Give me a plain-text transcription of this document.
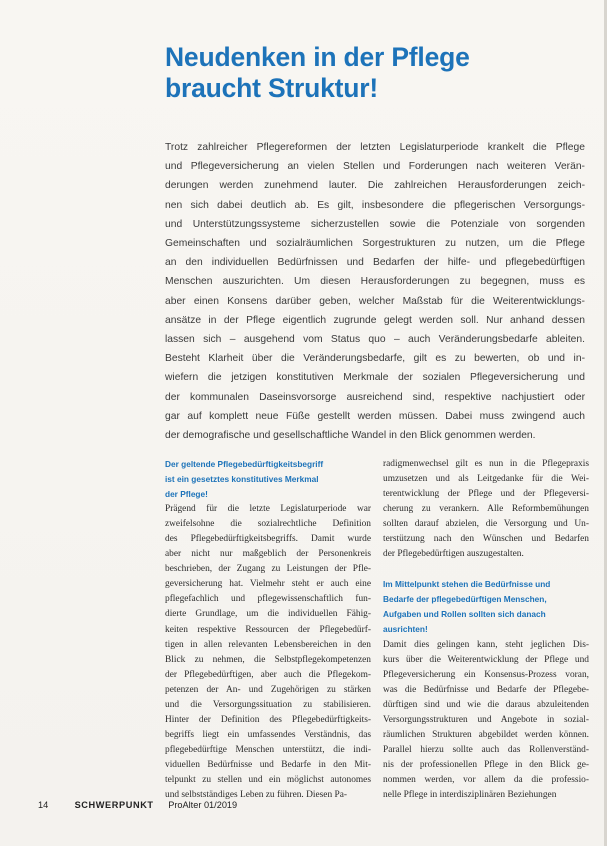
Neudenken in der Pflege
braucht Struktur!
Trotz zahlreicher Pflegereformen der letzten Legislaturperiode krankelt die Pflege
und Pflegeversicherung an vielen Stellen und Forderungen nach weiteren Verän-
derungen werden zunehmend lauter. Die zahlreichen Herausforderungen zeich-
nen sich dabei deutlich ab. Es gilt, insbesondere die pflegerischen Versorgungs-
und Unterstützungssysteme sicherzustellen sowie die Potenziale von sorgenden
Gemeinschaften und sozialräumlichen Sorgestrukturen zu nutzen, um die Pflege
an den individuellen Bedürfnissen und Bedarfen der hilfe- und pflegebedürftigen
Menschen auszurichten. Um diesen Herausforderungen zu begegnen, muss es
aber einen Konsens darüber geben, welcher Maßstab für die Weiterentwicklungs-
ansätze in der Pflege eigentlich zugrunde gelegt werden soll. Nur anhand dessen
lassen sich – ausgehend vom Status quo – auch Veränderungsbedarfe ableiten.
Besteht Klarheit über die Veränderungsbedarfe, gilt es zu bewerten, ob und in-
wiefern die jetzigen konstitutiven Merkmale der sozialen Pflegeversicherung und
der kommunalen Daseinsvorsorge ausreichend sind, respektive nachjustiert oder
gar auf komplett neue Füße gestellt werden müssen. Dabei muss zwingend auch
der demografische und gesellschaftliche Wandel in den Blick genommen werden.
Der geltende Pflegebedürftigkeitsbegriff
ist ein gesetztes konstitutives Merkmal
der Pflege!
Prägend für die letzte Legislaturperiode war
zweifelsohne die sozialrechtliche Definition
des Pflegebedürftigkeitsbegriffs. Damit wurde
aber nicht nur maßgeblich der Personenkreis
beschrieben, der Zugang zu Leistungen der Pfle-
geversicherung hat. Vielmehr steht er auch eine
pflegefachlich und pflegewissenschaftlich fun-
dierte Grundlage, um die individuellen Fähig-
keiten respektive Ressourcen der Pflegebedürf-
tigen in allen relevanten Lebensbereichen in den
Blick zu nehmen, die Selbstpflegekompetenzen
der Pflegebedürftigen, aber auch die Pflegekom-
petenzen der An- und Zugehörigen zu stärken
und die Versorgungssituation zu stabilisieren.
Hinter der Definition des Pflegebedürftigkeits-
begriffs liegt ein umfassendes Verständnis, das
pflegebedürftige Menschen unterstützt, die indi-
viduellen Bedürfnisse und Bedarfe in den Mit-
telpunkt zu stellen und ein möglichst autonomes
und selbstständiges Leben zu führen. Diesen Pa-
radigmenwechsel gilt es nun in die Pflegepraxis
umzusetzen und als Leitgedanke für die Wei-
terentwicklung der Pflege und der Pflegeversi-
cherung zu verankern. Alle Reformbemühungen
sollten darauf abzielen, die Versorgung und Un-
terstützung nach den Wünschen und Bedarfen
der Pflegebedürftigen auszugestalten.
Im Mittelpunkt stehen die Bedürfnisse und
Bedarfe der pflegebedürftigen Menschen,
Aufgaben und Rollen sollten sich danach
ausrichten!
Damit dies gelingen kann, steht jeglichen Dis-
kurs über die Weiterentwicklung der Pflege und
Pflegeversicherung ein Konsensus-Prozess voran,
was die Bedürfnisse und Bedarfe der Pflegebe-
dürftigen sind und wie die daraus abzuleitenden
Versorgungsstrukturen und Angebote in sozial-
räumlichen Strukturen abgebildet werden können.
Parallel hierzu sollte auch das Rollenverständ-
nis der professionellen Pflege in den Blick ge-
nommen werden, vor allem da die professio-
nelle Pflege in interdisziplinären Beziehungen
14	SCHWERPUNKT ProAlter 01/2019
